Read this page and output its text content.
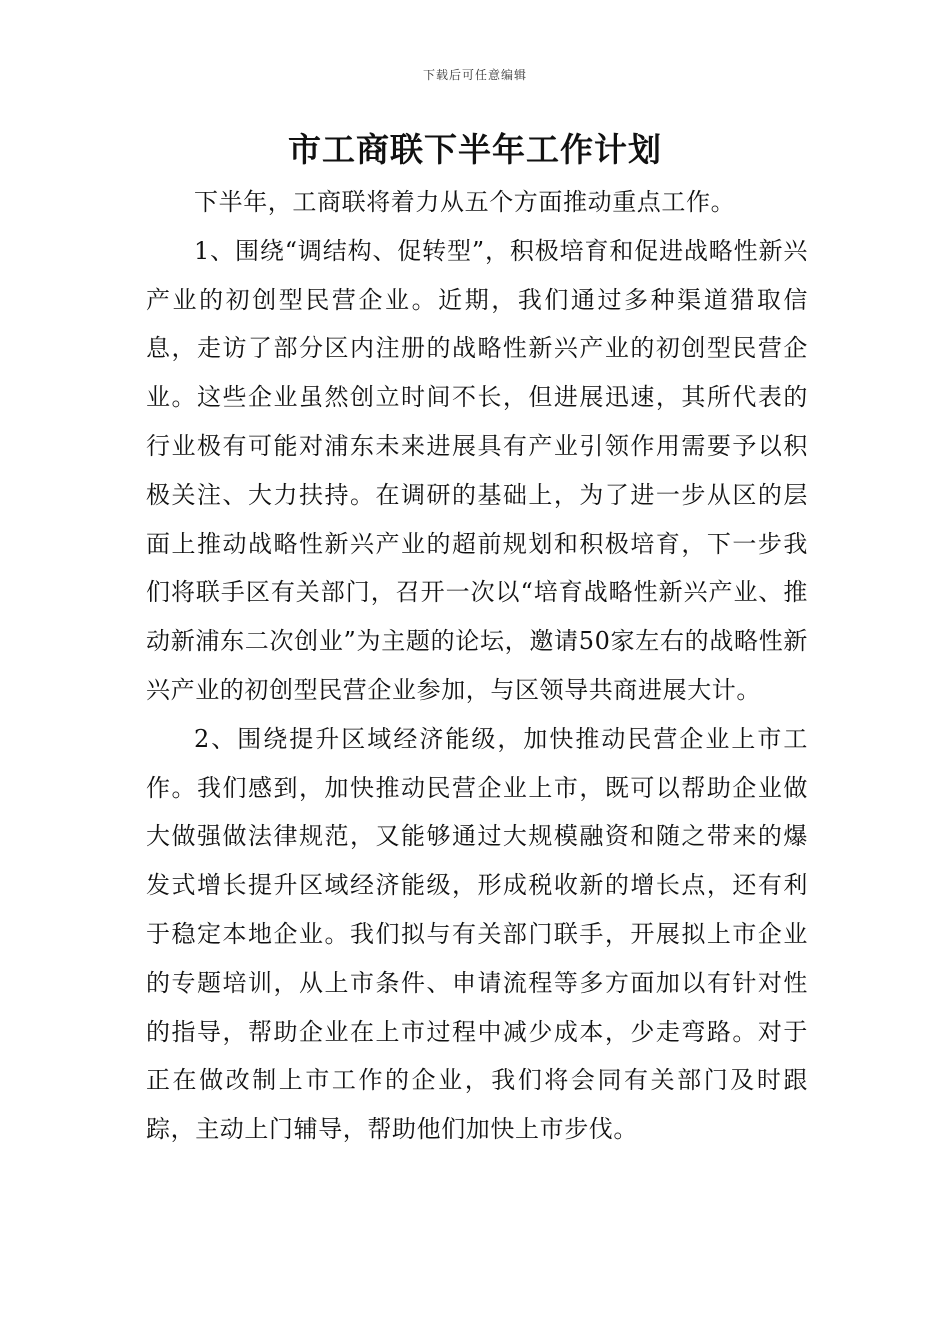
下载后可任意编辑
市工商联下半年工作计划

下半年，工商联将着力从五个方面推动重点工作。

1、围绕“调结构、促转型”，积极培育和促进战略性新兴产业的初创型民营企业。近期，我们通过多种渠道猎取信息，走访了部分区内注册的战略性新兴产业的初创型民营企业。这些企业虽然创立时间不长，但进展迅速，其所代表的行业极有可能对浦东未来进展具有产业引领作用需要予以积极关注、大力扶持。在调研的基础上，为了进一步从区的层面上推动战略性新兴产业的超前规划和积极培育，下一步我们将联手区有关部门，召开一次以“培育战略性新兴产业、推动新浦东二次创业”为主题的论坛，邀请50家左右的战略性新兴产业的初创型民营企业参加，与区领导共商进展大计。

2、围绕提升区域经济能级，加快推动民营企业上市工作。我们感到，加快推动民营企业上市，既可以帮助企业做大做强做法律规范，又能够通过大规模融资和随之带来的爆发式增长提升区域经济能级，形成税收新的增长点，还有利于稳定本地企业。我们拟与有关部门联手，开展拟上市企业的专题培训，从上市条件、申请流程等多方面加以有针对性的指导，帮助企业在上市过程中减少成本，少走弯路。对于正在做改制上市工作的企业，我们将会同有关部门及时跟踪，主动上门辅导，帮助他们加快上市步伐。
